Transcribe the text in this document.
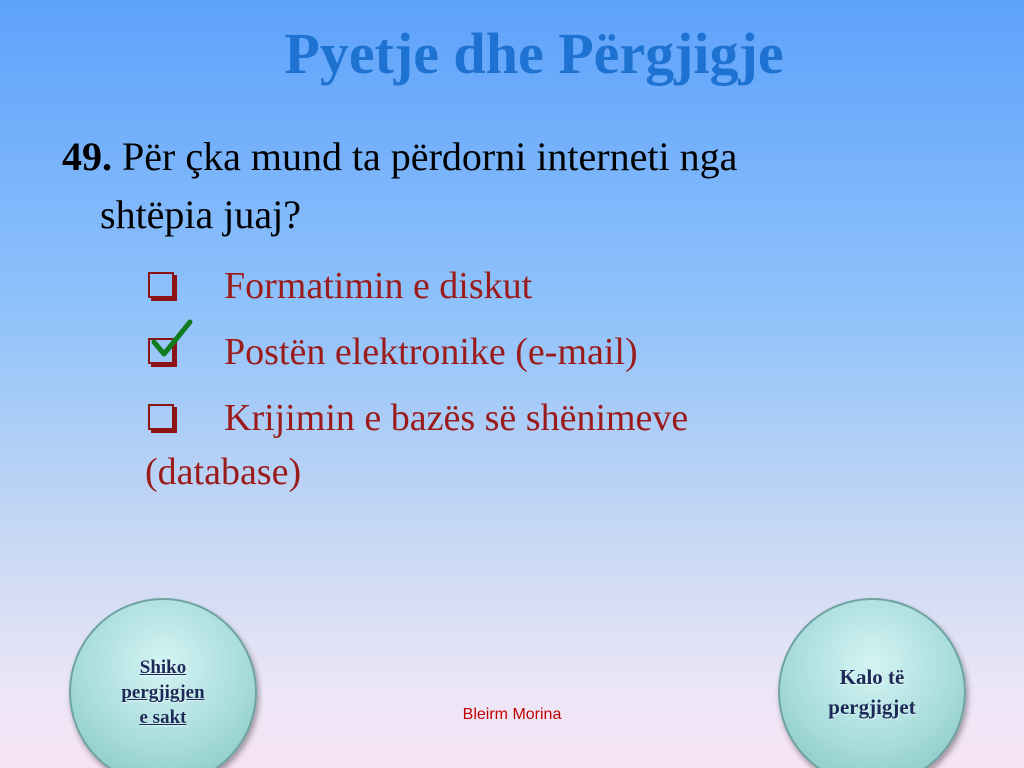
Pyetje dhe Përgjigje
49. Për çka mund ta përdorni interneti nga
shtëpia juaj?
Formatimin e diskut
Postën elektronike (e-mail)
Krijimin e bazës së shënimeve
(database)
Shiko
pergjigjen
e sakt
Kalo të
pergjigjet
Bleirm Morina
